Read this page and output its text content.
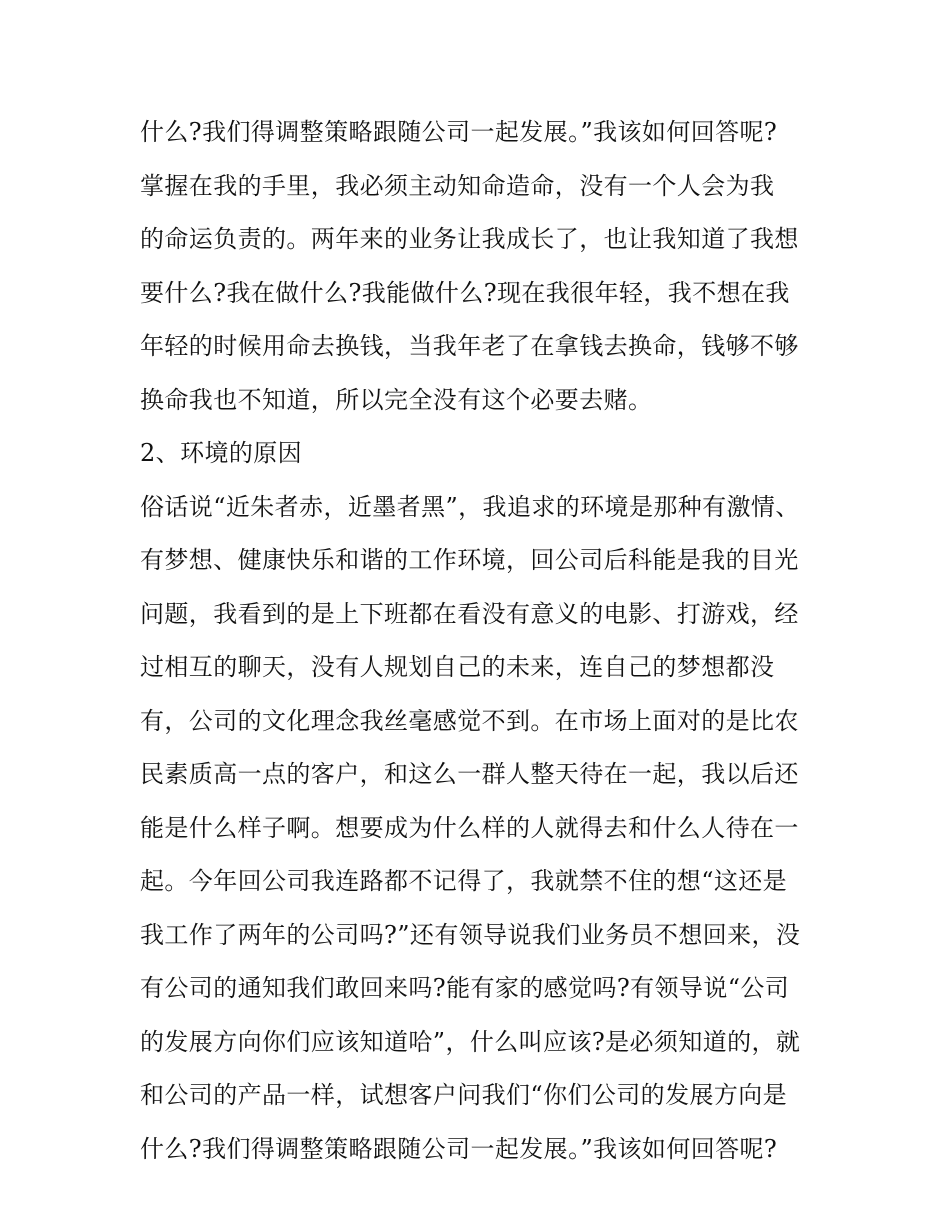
什么?我们得调整策略跟随公司一起发展。”我该如何回答呢?
掌握在我的手里，我必须主动知命造命，没有一个人会为我
的命运负责的。两年来的业务让我成长了，也让我知道了我想
要什么?我在做什么?我能做什么?现在我很年轻，我不想在我
年轻的时候用命去换钱，当我年老了在拿钱去换命，钱够不够
换命我也不知道，所以完全没有这个必要去赌。
2、环境的原因
俗话说“近朱者赤，近墨者黑”，我追求的环境是那种有激情、
有梦想、健康快乐和谐的工作环境，回公司后科能是我的目光
问题，我看到的是上下班都在看没有意义的电影、打游戏，经
过相互的聊天，没有人规划自己的未来，连自己的梦想都没
有，公司的文化理念我丝毫感觉不到。在市场上面对的是比农
民素质高一点的客户，和这么一群人整天待在一起，我以后还
能是什么样子啊。想要成为什么样的人就得去和什么人待在一
起。今年回公司我连路都不记得了，我就禁不住的想“这还是
我工作了两年的公司吗?”还有领导说我们业务员不想回来，没
有公司的通知我们敢回来吗?能有家的感觉吗?有领导说“公司
的发展方向你们应该知道哈”，什么叫应该?是必须知道的，就
和公司的产品一样，试想客户问我们“你们公司的发展方向是
什么?我们得调整策略跟随公司一起发展。”我该如何回答呢?
